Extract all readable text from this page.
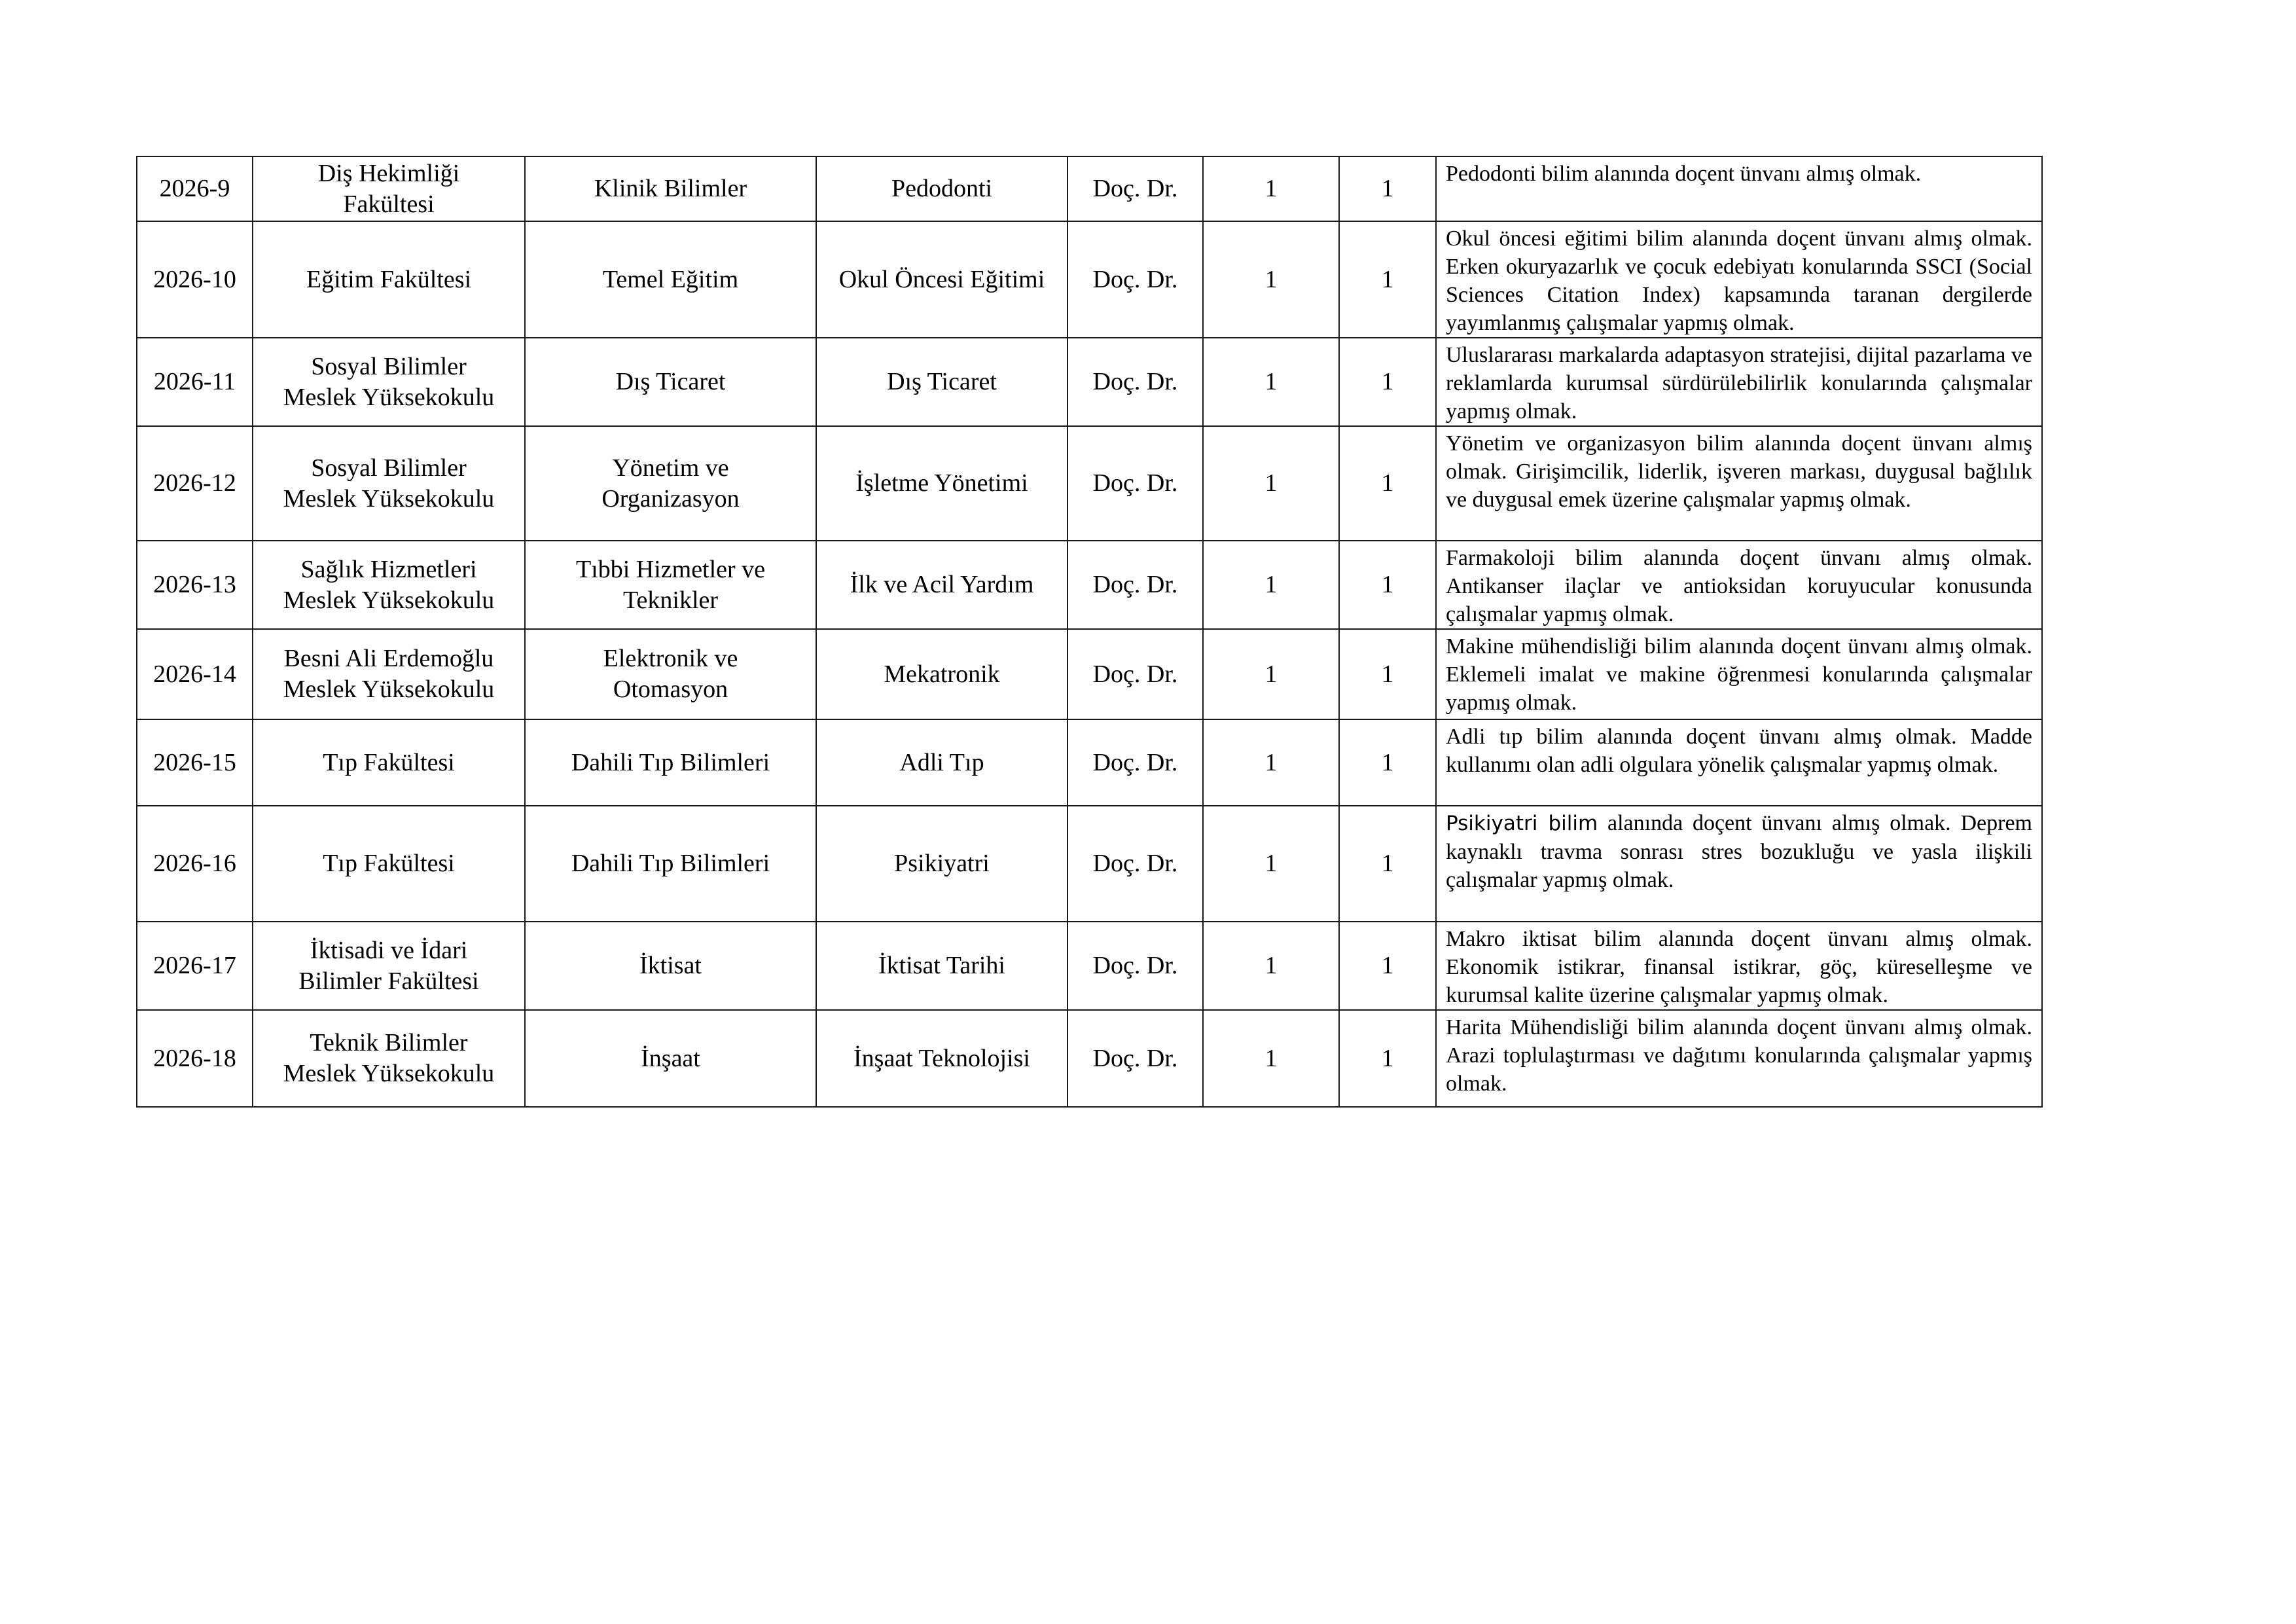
2026-9	Diş Hekimliği Fakültesi	Klinik Bilimler	Pedodonti	Doç. Dr.	1	1	Pedodonti bilim alanında doçent ünvanı almış olmak.
2026-10	Eğitim Fakültesi	Temel Eğitim	Okul Öncesi Eğitimi	Doç. Dr.	1	1	Okul öncesi eğitimi bilim alanında doçent ünvanı almış olmak. Erken okuryazarlık ve çocuk edebiyatı konularında SSCI (Social Sciences Citation Index) kapsamında taranan dergilerde yayımlanmış çalışmalar yapmış olmak.
2026-11	Sosyal Bilimler Meslek Yüksekokulu	Dış Ticaret	Dış Ticaret	Doç. Dr.	1	1	Uluslararası markalarda adaptasyon stratejisi, dijital pazarlama ve reklamlarda kurumsal sürdürülebilirlik konularında çalışmalar yapmış olmak.
2026-12	Sosyal Bilimler Meslek Yüksekokulu	Yönetim ve Organizasyon	İşletme Yönetimi	Doç. Dr.	1	1	Yönetim ve organizasyon bilim alanında doçent ünvanı almış olmak. Girişimcilik, liderlik, işveren markası, duygusal bağlılık ve duygusal emek üzerine çalışmalar yapmış olmak.
2026-13	Sağlık Hizmetleri Meslek Yüksekokulu	Tıbbi Hizmetler ve Teknikler	İlk ve Acil Yardım	Doç. Dr.	1	1	Farmakoloji bilim alanında doçent ünvanı almış olmak. Antikanser ilaçlar ve antioksidan koruyucular konusunda çalışmalar yapmış olmak.
2026-14	Besni Ali Erdemoğlu Meslek Yüksekokulu	Elektronik ve Otomasyon	Mekatronik	Doç. Dr.	1	1	Makine mühendisliği bilim alanında doçent ünvanı almış olmak. Eklemeli imalat ve makine öğrenmesi konularında çalışmalar yapmış olmak.
2026-15	Tıp Fakültesi	Dahili Tıp Bilimleri	Adli Tıp	Doç. Dr.	1	1	Adli tıp bilim alanında doçent ünvanı almış olmak. Madde kullanımı olan adli olgulara yönelik çalışmalar yapmış olmak.
2026-16	Tıp Fakültesi	Dahili Tıp Bilimleri	Psikiyatri	Doç. Dr.	1	1	Psikiyatri bilim alanında doçent ünvanı almış olmak. Deprem kaynaklı travma sonrası stres bozukluğu ve yasla ilişkili çalışmalar yapmış olmak.
2026-17	İktisadi ve İdari Bilimler Fakültesi	İktisat	İktisat Tarihi	Doç. Dr.	1	1	Makro iktisat bilim alanında doçent ünvanı almış olmak. Ekonomik istikrar, finansal istikrar, göç, küreselleşme ve kurumsal kalite üzerine çalışmalar yapmış olmak.
2026-18	Teknik Bilimler Meslek Yüksekokulu	İnşaat	İnşaat Teknolojisi	Doç. Dr.	1	1	Harita Mühendisliği bilim alanında doçent ünvanı almış olmak. Arazi toplulaştırması ve dağıtımı konularında çalışmalar yapmış olmak.
